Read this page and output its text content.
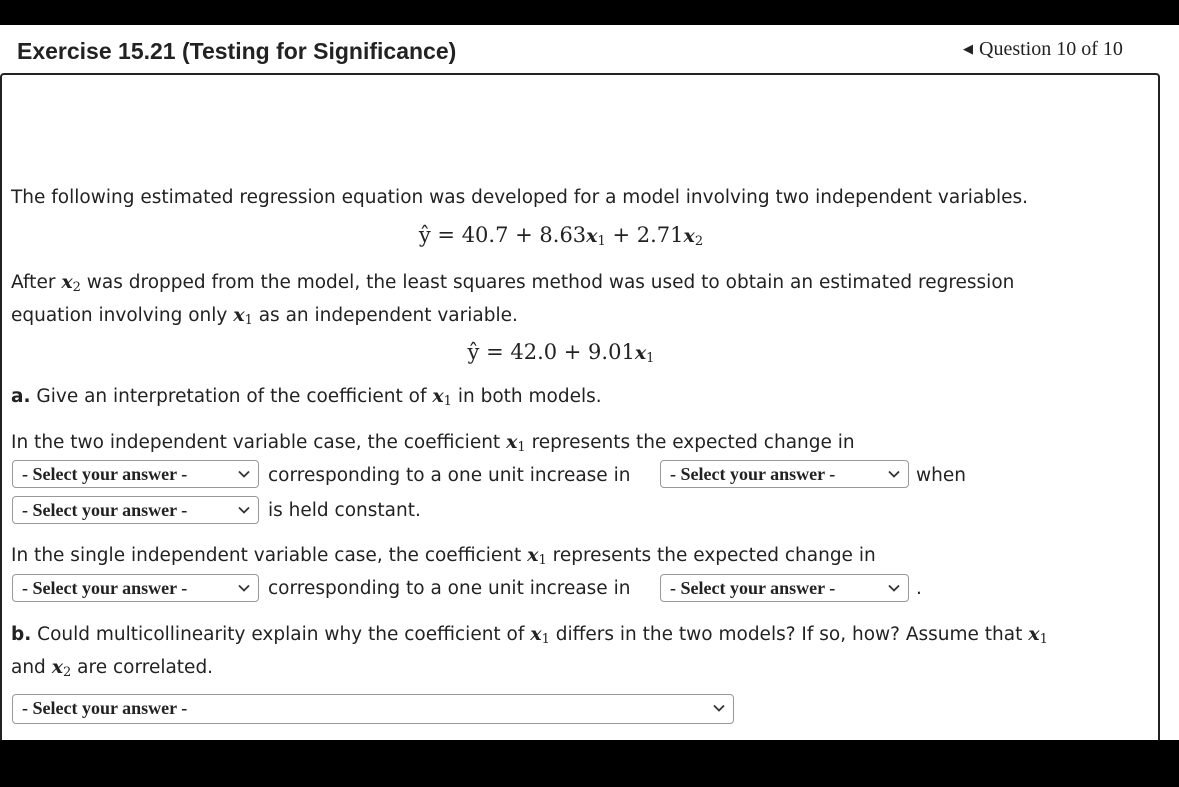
Exercise 15.21 (Testing for Significance)	◀ Question 10 of 10
The following estimated regression equation was developed for a model involving two independent variables.
ŷ = $40.7 + 8.63x_1 + 2.71x_2$
After $x_2$ was dropped from the model, the least squares method was used to obtain an estimated regression
equation involving only $x_1$ as an independent variable.
ŷ = $42.0 + 9.01x_1$
a. Give an interpretation of the coefficient of $x_1$ in both models.
In the two independent variable case, the coefficient $x_1$ represents the expected change in
- Select your answer -	corresponding to a one unit increase in	- Select your answer -	when
- Select your answer -	is held constant.
In the single independent variable case, the coefficient $x_1$ represents the expected change in
- Select your answer -	corresponding to a one unit increase in	- Select your answer -	.
b. Could multicollinearity explain why the coefficient of $x_1$ differs in the two models? If so, how? Assume that $x_1$
and $x_2$ are correlated.
- Select your answer -
